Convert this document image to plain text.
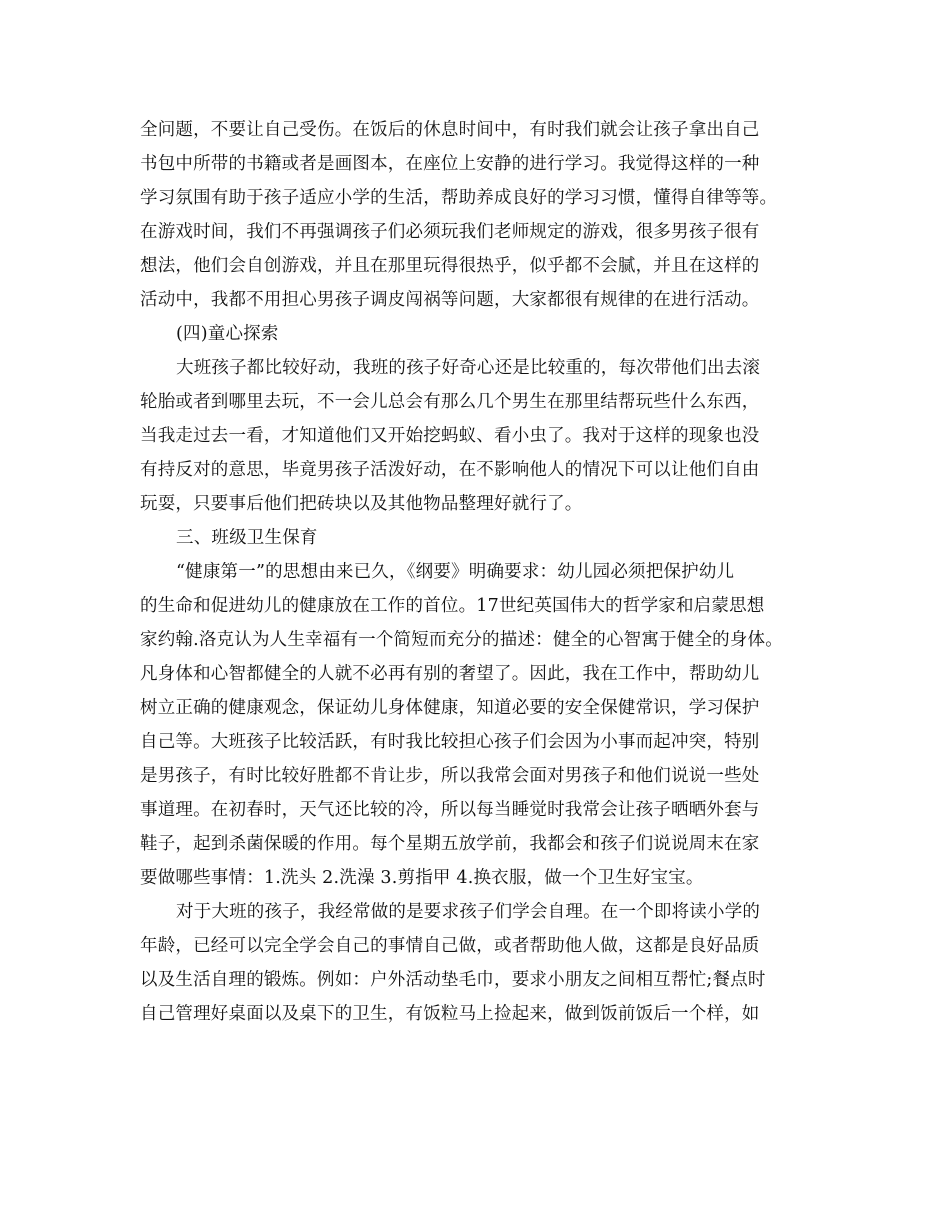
全问题，不要让自己受伤。在饭后的休息时间中，有时我们就会让孩子拿出自己
书包中所带的书籍或者是画图本，在座位上安静的进行学习。我觉得这样的一种
学习氛围有助于孩子适应小学的生活，帮助养成良好的学习习惯，懂得自律等等。
在游戏时间，我们不再强调孩子们必须玩我们老师规定的游戏，很多男孩子很有
想法，他们会自创游戏，并且在那里玩得很热乎，似乎都不会腻，并且在这样的
活动中，我都不用担心男孩子调皮闯祸等问题，大家都很有规律的在进行活动。
(四)童心探索
大班孩子都比较好动，我班的孩子好奇心还是比较重的，每次带他们出去滚
轮胎或者到哪里去玩，不一会儿总会有那么几个男生在那里结帮玩些什么东西，
当我走过去一看，才知道他们又开始挖蚂蚁、看小虫了。我对于这样的现象也没
有持反对的意思，毕竟男孩子活泼好动，在不影响他人的情况下可以让他们自由
玩耍，只要事后他们把砖块以及其他物品整理好就行了。
三、班级卫生保育
“健康第一”的思想由来已久，《纲要》明确要求：幼儿园必须把保护幼儿
的生命和促进幼儿的健康放在工作的首位。17世纪英国伟大的哲学家和启蒙思想
家约翰.洛克认为人生幸福有一个简短而充分的描述：健全的心智寓于健全的身体。
凡身体和心智都健全的人就不必再有别的奢望了。因此，我在工作中，帮助幼儿
树立正确的健康观念，保证幼儿身体健康，知道必要的安全保健常识，学习保护
自己等。大班孩子比较活跃，有时我比较担心孩子们会因为小事而起冲突，特别
是男孩子，有时比较好胜都不肯让步，所以我常会面对男孩子和他们说说一些处
事道理。在初春时，天气还比较的冷，所以每当睡觉时我常会让孩子晒晒外套与
鞋子，起到杀菌保暖的作用。每个星期五放学前，我都会和孩子们说说周末在家
要做哪些事情：1.洗头 2.洗澡 3.剪指甲 4.换衣服，做一个卫生好宝宝。
对于大班的孩子，我经常做的是要求孩子们学会自理。在一个即将读小学的
年龄，已经可以完全学会自己的事情自己做，或者帮助他人做，这都是良好品质
以及生活自理的锻炼。例如：户外活动垫毛巾，要求小朋友之间相互帮忙;餐点时
自己管理好桌面以及桌下的卫生，有饭粒马上捡起来，做到饭前饭后一个样，如
